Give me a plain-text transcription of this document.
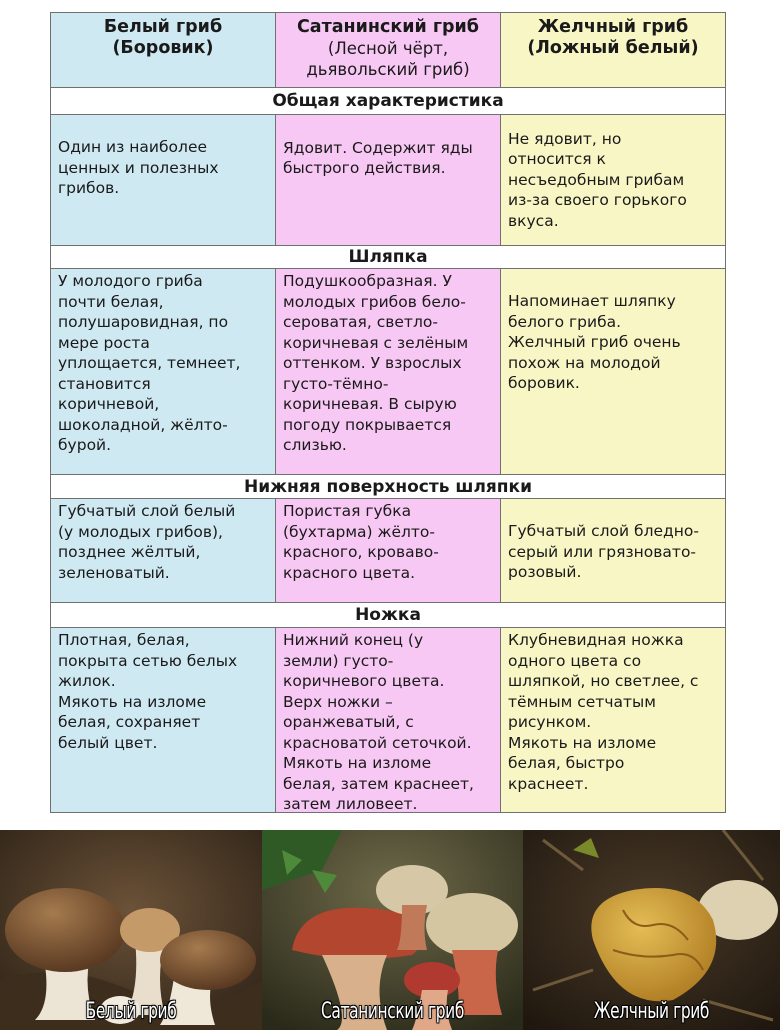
Белый гриб
(Боровик)
Сатанинский гриб
(Лесной чёрт,
дьявольский гриб)
Желчный гриб
(Ложный белый)
Общая характеристика
Один из наиболее
ценных и полезных
грибов.
Ядовит. Содержит яды
быстрого действия.
Не ядовит, но
относится к
несъедобным грибам
из-за своего горького
вкуса.
Шляпка
У молодого гриба
почти белая,
полушаровидная, по
мере роста
уплощается, темнеет,
становится
коричневой,
шоколадной, жёлто-
бурой.
Подушкообразная. У
молодых грибов бело-
сероватая, светло-
коричневая с зелёным
оттенком. У взрослых
густо-тёмно-
коричневая. В сырую
погоду покрывается
слизью.
Напоминает шляпку
белого гриба.
Желчный гриб очень
похож на молодой
боровик.
Нижняя поверхность шляпки
Губчатый слой белый
(у молодых грибов),
позднее жёлтый,
зеленоватый.
Пористая губка
(бухтарма) жёлто-
красного, кроваво-
красного цвета.
Губчатый слой бледно-
серый или грязновато-
розовый.
Ножка
Плотная, белая,
покрыта сетью белых
жилок.
Мякоть на изломе
белая, сохраняет
белый цвет.
Нижний конец (у
земли) густо-
коричневого цвета.
Верх ножки –
оранжеватый, с
красноватой сеточкой.
Мякоть на изломе
белая, затем краснеет,
затем лиловеет.
Клубневидная ножка
одного цвета со
шляпкой, но светлее, с
тёмным сетчатым
рисунком.
Мякоть на изломе
белая, быстро
краснеет.
Белый гриб	Сатанинский гриб	Желчный гриб
